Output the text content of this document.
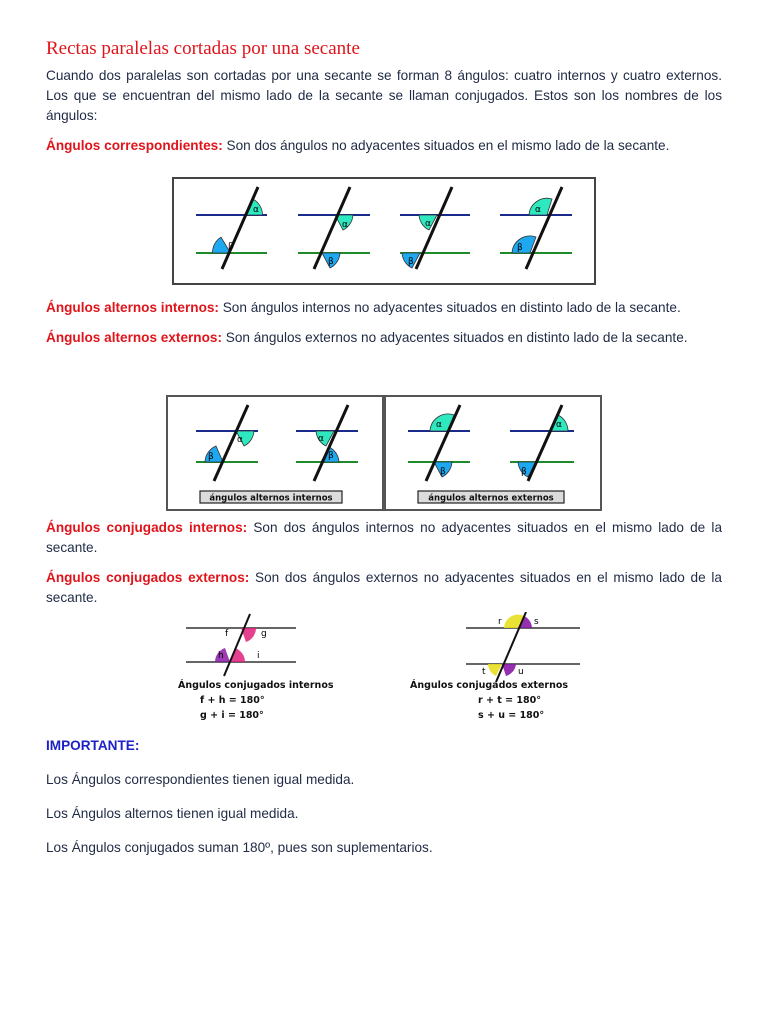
Rectas paralelas cortadas por una secante

Cuando dos paralelas son cortadas por una secante se forman 8 ángulos: cuatro internos y cuatro externos. Los que se encuentran del mismo lado de la secante se llaman conjugados. Estos son los nombres de los ángulos:

Ángulos correspondientes: Son dos ángulos no adyacentes situados en el mismo lado de la secante.

α
β
α
β
α
β
α
β

Ángulos alternos internos: Son ángulos internos no adyacentes situados en distinto lado de la secante.

Ángulos alternos externos: Son ángulos externos no adyacentes situados en distinto lado de la secante.

α
β
α
β
α
β
α
β
ángulos alternos internos	ángulos alternos externos

Ángulos conjugados internos: Son dos ángulos internos no adyacentes situados en el mismo lado de la secante.

Ángulos conjugados externos: Son dos ángulos externos no adyacentes situados en el mismo lado de la secante.

f	g
h	i
Ángulos conjugados internos
f + h = 180°
g + i = 180°
r	s
t	u
Ángulos conjugados externos
r + t = 180°
s + u = 180°

IMPORTANTE:

Los Ángulos correspondientes tienen igual medida.

Los Ángulos alternos tienen igual medida.

Los Ángulos conjugados suman 180º, pues son suplementarios.
